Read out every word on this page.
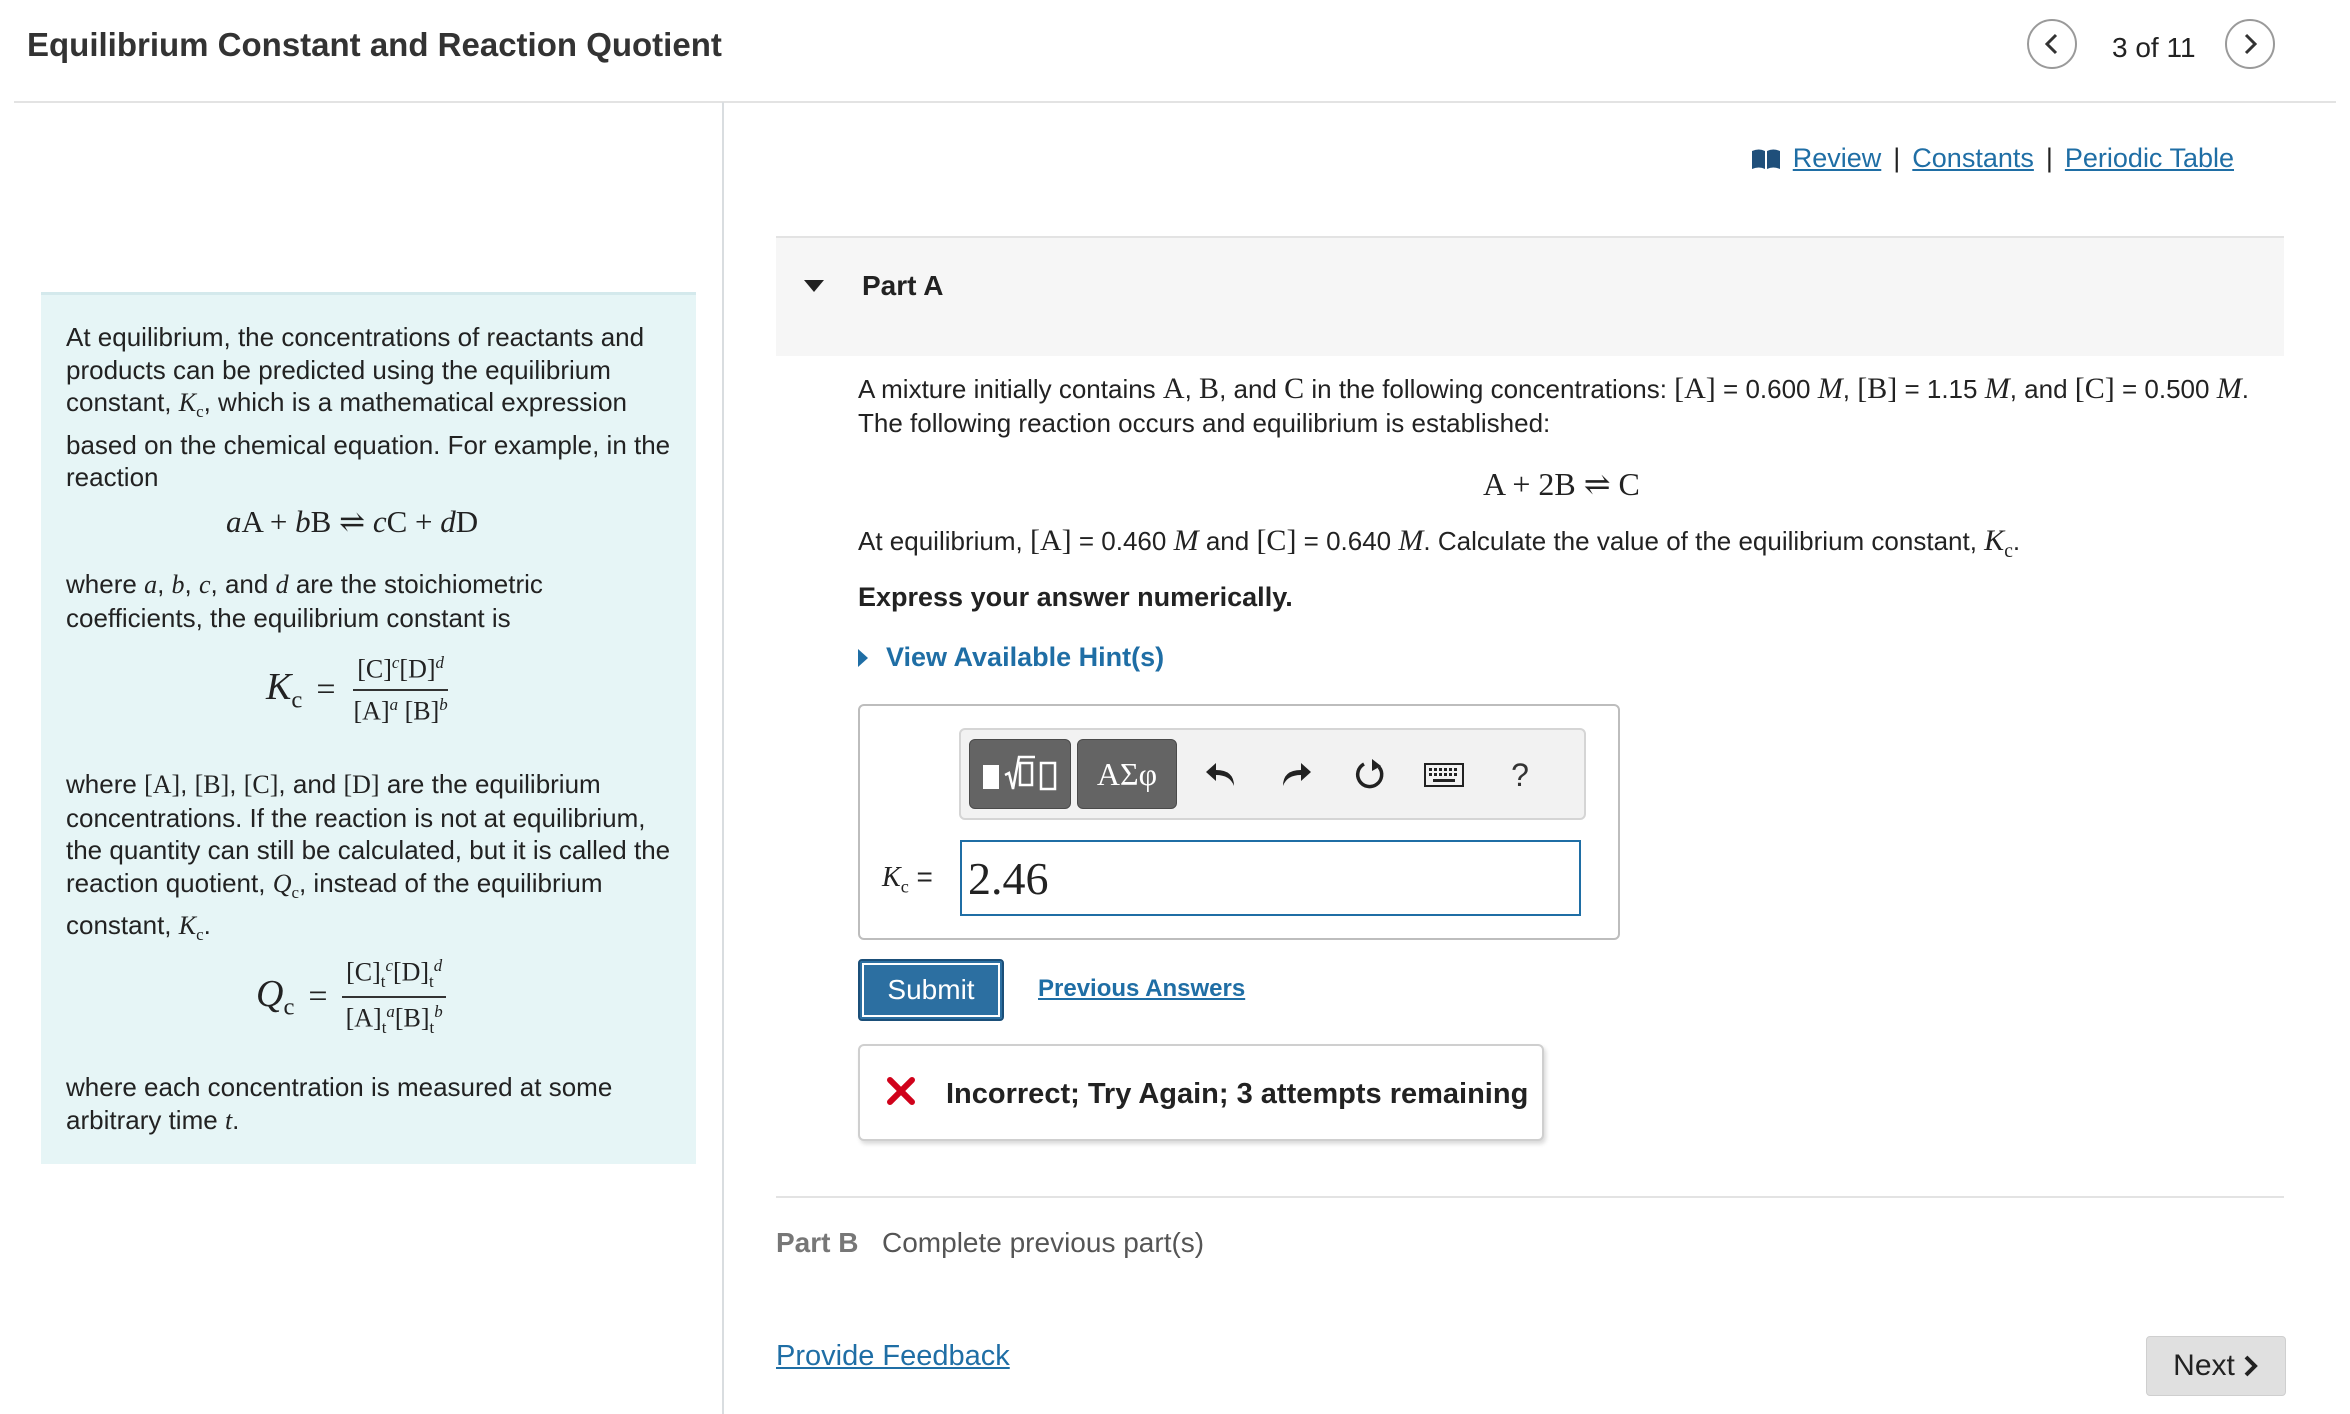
Equilibrium Constant and Reaction Quotient	3 of 11

At equilibrium, the concentrations of reactants and products can be predicted using the equilibrium constant, $K_c$, which is a mathematical expression based on the chemical equation. For example, in the reaction

aA + bB ⇌ cC + dD

where a, b, c, and d are the stoichiometric coefficients, the equilibrium constant is

$K_c = \frac{[C]^c[D]^d}{[A]^a [B]^b}$

where [A], [B], [C], and [D] are the equilibrium concentrations. If the reaction is not at equilibrium, the quantity can still be calculated, but it is called the reaction quotient, $Q_c$, instead of the equilibrium constant, $K_c$.

$Q_c = \frac{[C]_t^c[D]_t^d}{[A]_t^a[B]_t^b}$

where each concentration is measured at some arbitrary time t.

Review | Constants | Periodic Table
Part A
A mixture initially contains A, B, and C in the following concentrations: [A] = 0.600 M, [B] = 1.15 M, and [C] = 0.500 M. The following reaction occurs and equilibrium is established:
A + 2B ⇌ C
At equilibrium, [A] = 0.460 M and [C] = 0.640 M. Calculate the value of the equilibrium constant, $K_c$.
Express your answer numerically.
View Available Hint(s)
ΑΣφ	?
$K_c$ =
2.46
Submit	Previous Answers
Incorrect; Try Again; 3 attempts remaining
Part B Complete previous part(s)
Provide Feedback	Next
